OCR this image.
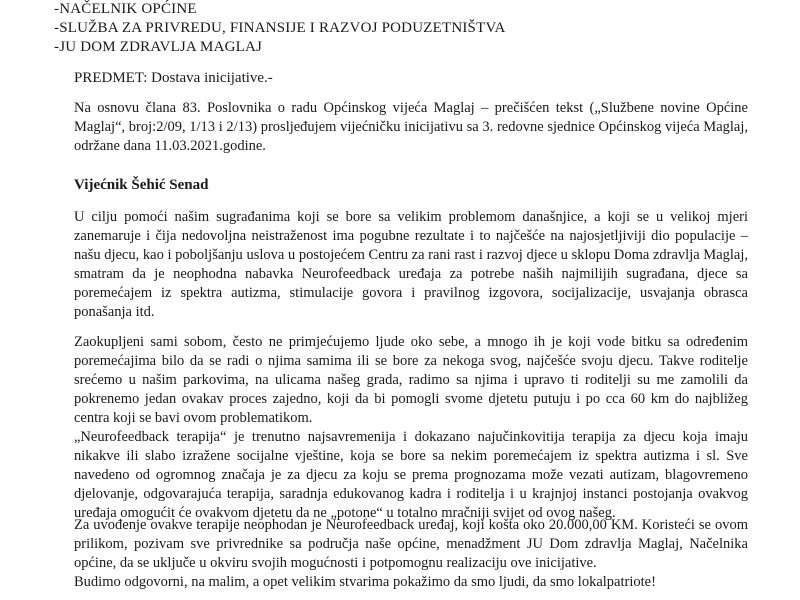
-NAČELNIK OPĆINE
-SLUŽBA ZA PRIVREDU, FINANSIJE I RAZVOJ PODUZETNIŠTVA
-JU DOM ZDRAVLJA MAGLAJ
PREDMET: Dostava inicijative.-

Na osnovu člana 83. Poslovnika o radu Općinskog vijeća Maglaj – prečišćen tekst („Službene novine Općine Maglaj“, broj:2/09, 1/13 i 2/13) prosljeđujem vijećničku inicijativu sa 3. redovne sjednice Općinskog vijeća Maglaj, održane dana 11.03.2021.godine.

Vijećnik Šehić Senad

U cilju pomoći našim sugrađanima koji se bore sa velikim problemom današnjice, a koji se u velikoj mjeri zanemaruje i čija nedovoljna neistraženost ima pogubne rezultate i to najčešće na najosjetljiviji dio populacije – našu djecu, kao i poboljšanju uslova u postojećem Centru za rani rast i razvoj djece u sklopu Doma zdravlja Maglaj, smatram da je neophodna nabavka Neurofeedback uređaja za potrebe naših najmilijih sugrađana, djece sa poremećajem iz spektra autizma, stimulacije govora i pravilnog izgovora, socijalizacije, usvajanja obrasca ponašanja itd.

Zaokupljeni sami sobom, često ne primjećujemo ljude oko sebe, a mnogo ih je koji vode bitku sa određenim poremećajima bilo da se radi o njima samima ili se bore za nekoga svog, najčešće svoju djecu. Takve roditelje srećemo u našim parkovima, na ulicama našeg grada, radimo sa njima i upravo ti roditelji su me zamolili da pokrenemo jedan ovakav proces zajedno, koji da bi pomogli svome djetetu putuju i po cca 60 km do najbližeg centra koji se bavi ovom problematikom.

„Neurofeedback terapija“ je trenutno najsavremenija i dokazano najučinkovitija terapija za djecu koja imaju nikakve ili slabo izražene socijalne vještine, koja se bore sa nekim poremećajem iz spektra autizma i sl. Sve navedeno od ogromnog značaja je za djecu za koju se prema prognozama može vezati autizam, blagovremeno djelovanje, odgovarajuća terapija, saradnja edukovanog kadra i roditelja i u krajnjoj instanci postojanja ovakvog uređaja omogućit će ovakvom djetetu da ne „potone“ u totalno mračniji svijet od ovog našeg.

Za uvođenje ovakve terapije neophodan je Neurofeedback uređaj, koji košta oko 20.000,00 KM. Koristeći se ovom prilikom, pozivam sve privrednike sa područja naše općine, menadžment JU Dom zdravlja Maglaj, Načelnika općine, da se uključe u okviru svojih mogućnosti i potpomognu realizaciju ove inicijative.

Budimo odgovorni, na malim, a opet velikim stvarima pokažimo da smo ljudi, da smo lokalpatriote!
